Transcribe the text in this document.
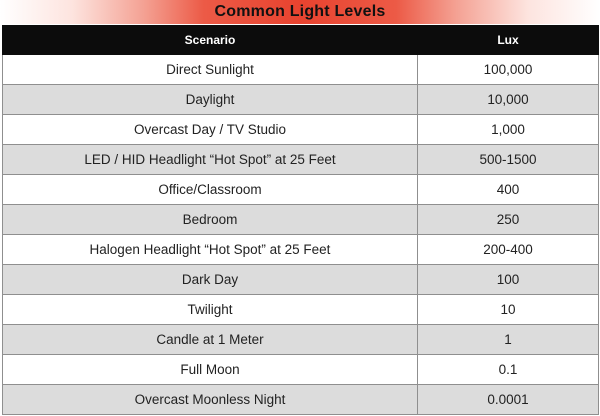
Common Light Levels
Scenario	Lux
Direct Sunlight	100,000
Daylight	10,000
Overcast Day / TV Studio	1,000
LED / HID Headlight “Hot Spot” at 25 Feet	500-1500
Office/Classroom	400
Bedroom	250
Halogen Headlight “Hot Spot” at 25 Feet	200-400
Dark Day	100
Twilight	10
Candle at 1 Meter	1
Full Moon	0.1
Overcast Moonless Night	0.0001
